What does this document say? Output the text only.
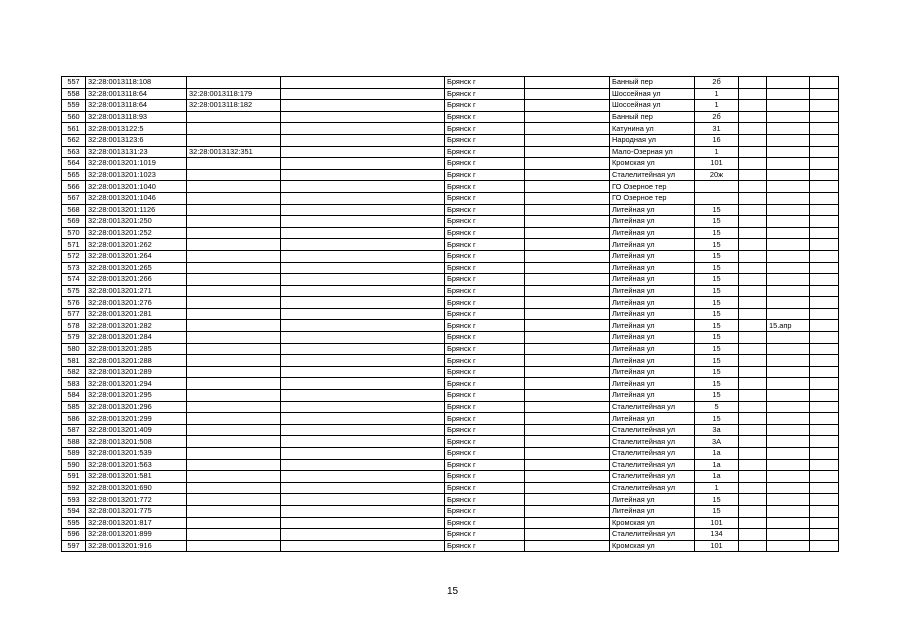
557	32:28:0013118:108			Брянск г		Банный пер	2б			
558	32:28:0013118:64	32:28:0013118:179		Брянск г		Шоссейная ул	1			
559	32:28:0013118:64	32:28:0013118:182		Брянск г		Шоссейная ул	1			
560	32:28:0013118:93			Брянск г		Банный пер	2б			
561	32:28:0013122:5			Брянск г		Катунина ул	31			
562	32:28:0013123:6			Брянск г		Народная ул	16			
563	32:28:0013131:23	32:28:0013132:351		Брянск г		Мало-Озерная ул	1			
564	32:28:0013201:1019			Брянск г		Кромская ул	101			
565	32:28:0013201:1023			Брянск г		Сталелитейная ул	20ж			
566	32:28:0013201:1040			Брянск г		ГО Озерное тер				
567	32:28:0013201:1046			Брянск г		ГО Озерное тер				
568	32:28:0013201:1126			Брянск г		Литейная ул	15			
569	32:28:0013201:250			Брянск г		Литейная ул	15			
570	32:28:0013201:252			Брянск г		Литейная ул	15			
571	32:28:0013201:262			Брянск г		Литейная ул	15			
572	32:28:0013201:264			Брянск г		Литейная ул	15			
573	32:28:0013201:265			Брянск г		Литейная ул	15			
574	32:28:0013201:266			Брянск г		Литейная ул	15			
575	32:28:0013201:271			Брянск г		Литейная ул	15			
576	32:28:0013201:276			Брянск г		Литейная ул	15			
577	32:28:0013201:281			Брянск г		Литейная ул	15			
578	32:28:0013201:282			Брянск г		Литейная ул	15		15.апр	
579	32:28:0013201:284			Брянск г		Литейная ул	15			
580	32:28:0013201:285			Брянск г		Литейная ул	15			
581	32:28:0013201:288			Брянск г		Литейная ул	15			
582	32:28:0013201:289			Брянск г		Литейная ул	15			
583	32:28:0013201:294			Брянск г		Литейная ул	15			
584	32:28:0013201:295			Брянск г		Литейная ул	15			
585	32:28:0013201:296			Брянск г		Сталелитейная ул	5			
586	32:28:0013201:299			Брянск г		Литейная ул	15			
587	32:28:0013201:409			Брянск г		Сталелитейная ул	3а			
588	32:28:0013201:508			Брянск г		Сталелитейная ул	3А			
589	32:28:0013201:539			Брянск г		Сталелитейная ул	1а			
590	32:28:0013201:563			Брянск г		Сталелитейная ул	1а			
591	32:28:0013201:581			Брянск г		Сталелитейная ул	1а			
592	32:28:0013201:690			Брянск г		Сталелитейная ул	1			
593	32:28:0013201:772			Брянск г		Литейная ул	15			
594	32:28:0013201:775			Брянск г		Литейная ул	15			
595	32:28:0013201:817			Брянск г		Кромская ул	101			
596	32:28:0013201:899			Брянск г		Сталелитейная ул	134			
597	32:28:0013201:916			Брянск г		Кромская ул	101			
15
